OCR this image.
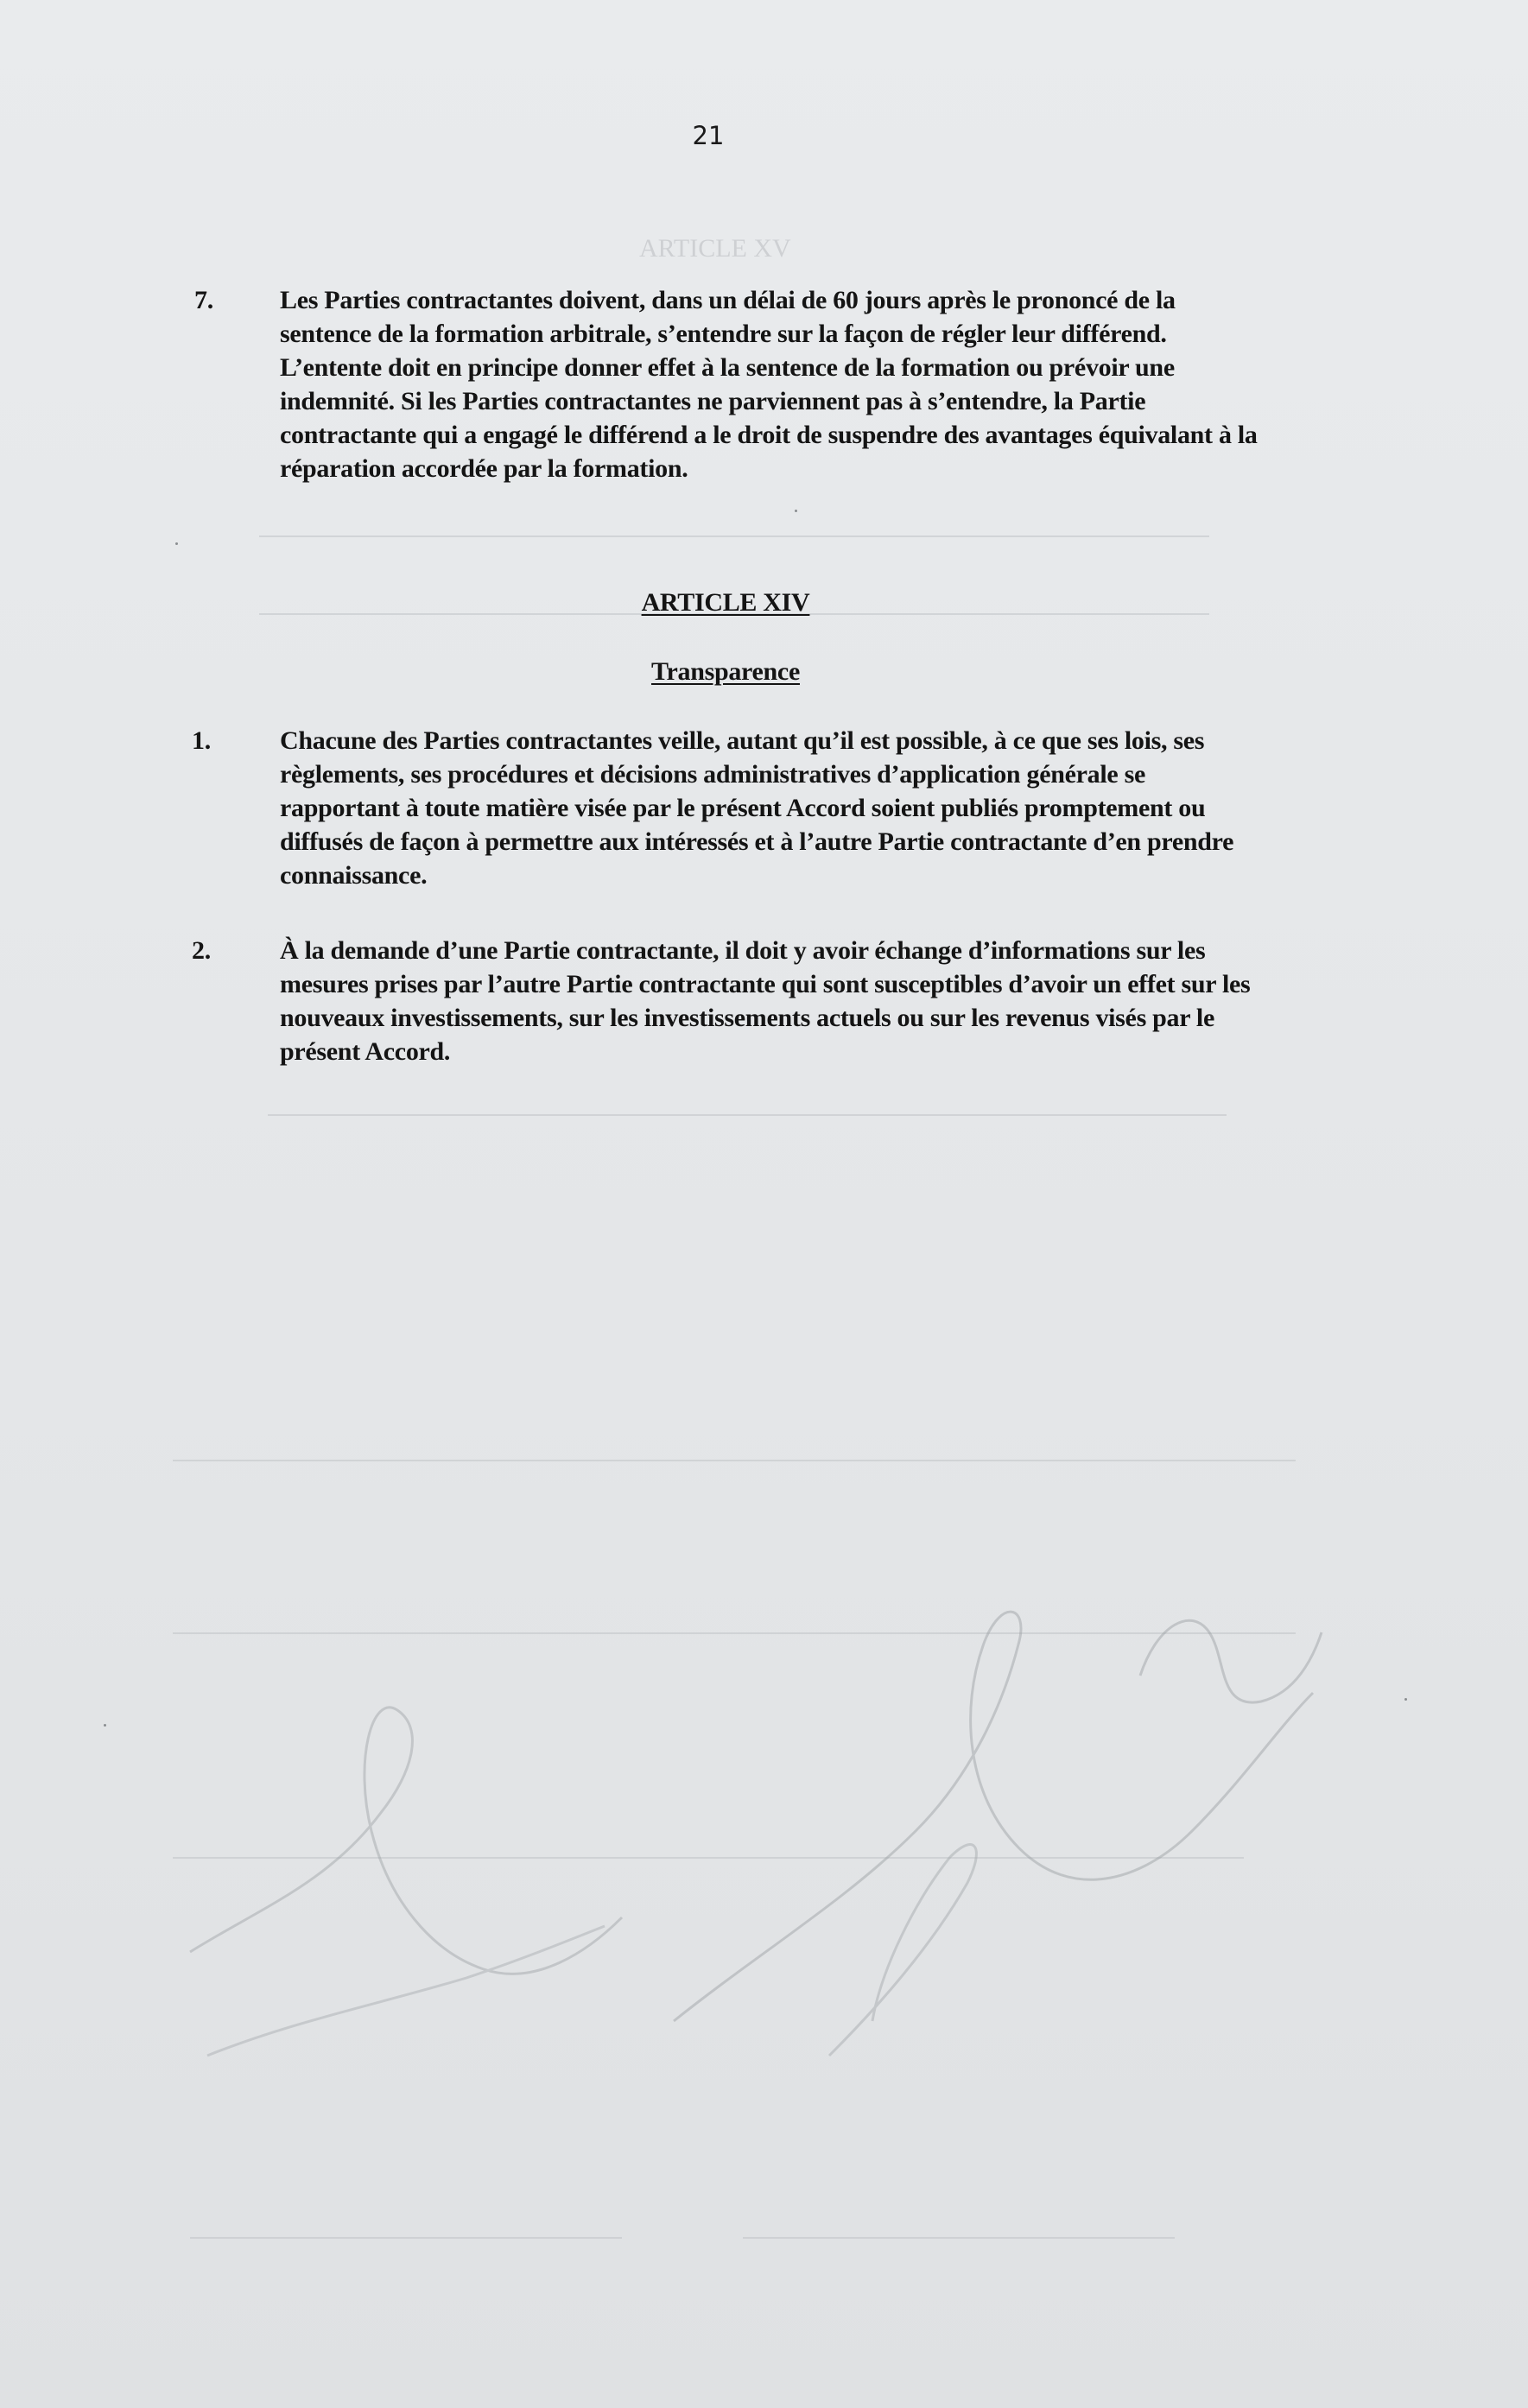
ARTICLE XV
21
7.	Les Parties contractantes doivent, dans un délai de 60 jours après le prononcé de la sentence de la formation arbitrale, s’entendre sur la façon de régler leur différend. L’entente doit en principe donner effet à la sentence de la formation ou prévoir une indemnité. Si les Parties contractantes ne parviennent pas à s’entendre, la Partie contractante qui a engagé le différend a le droit de suspendre des avantages équivalant à la réparation accordée par la formation.
ARTICLE XIV
Transparence
1.	Chacune des Parties contractantes veille, autant qu’il est possible, à ce que ses lois, ses règlements, ses procédures et décisions administratives d’application générale se rapportant à toute matière visée par le présent Accord soient publiés promptement ou diffusés de façon à permettre aux intéressés et à l’autre Partie contractante d’en prendre connaissance.
2.	À la demande d’une Partie contractante, il doit y avoir échange d’informations sur les mesures prises par l’autre Partie contractante qui sont susceptibles d’avoir un effet sur les nouveaux investissements, sur les investissements actuels ou sur les revenus visés par le présent Accord.
